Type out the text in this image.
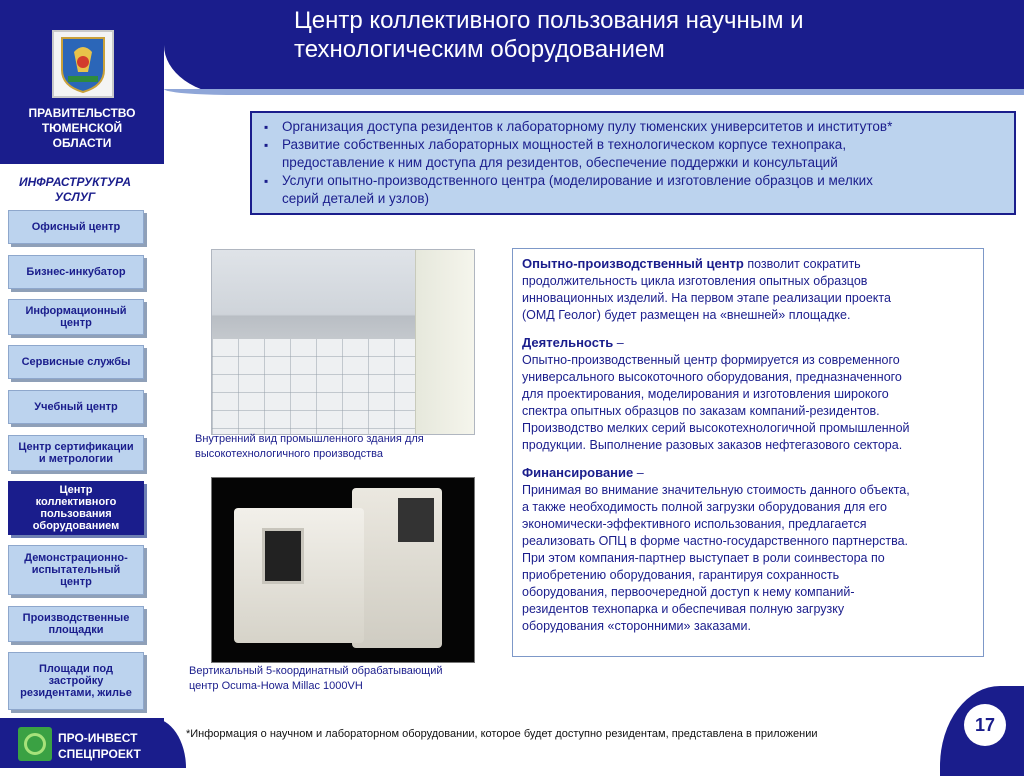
Центр коллективного пользования научным и
технологическим оборудованием
ПРАВИТЕЛЬСТВО
ТЮМЕНСКОЙ
ОБЛАСТИ
ИНФРАСТРУКТУРА
УСЛУГ
Офисный центр
Бизнес-инкубатор
Информационный
центр
Сервисные службы
Учебный центр
Центр сертификации
и метрологии
Центр
коллективного
пользования
оборудованием
Демонстрационно-
испытательный
центр
Производственные
площадки
Площади под
застройку
резидентами, жилье
ПРО-ИНВЕСТ
СПЕЦПРОЕКТ
▪ Организация доступа резидентов к лабораторному пулу тюменских университетов и институтов*
▪ Развитие собственных лабораторных мощностей в технологическом корпусе технопрака,
предоставление к ним доступа для резидентов, обеспечение поддержки и консультаций
▪ Услуги опытно-производственного центра (моделирование и изготовление образцов и мелких
серий деталей и узлов)
Внутренний вид промышленного здания для
высокотехнологичного производства
Вертикальный 5-координатный обрабатывающий
центр Ocuma-Howa Millac 1000VH

Опытно-производственный центр позволит сократить

продолжительность цикла изготовления опытных образцов

инновационных изделий. На первом этапе реализации проекта

(ОМД Геолог) будет размещен на «внешней» площадке.

Деятельность –

Опытно-производственный центр формируется из современного

универсального высокоточного оборудования, предназначенного

для проектирования, моделирования и изготовления широкого

спектра опытных образцов по заказам компаний-резидентов.

Производство мелких серий высокотехнологичной промышленной

продукции. Выполнение разовых заказов нефтегазового сектора.

Финансирование –

Принимая во внимание значительную стоимость данного объекта,

а также необходимость полной загрузки оборудования для его

экономически-эффективного использования, предлагается

реализовать ОПЦ в форме частно-государственного партнерства.

При этом компания-партнер выступает в роли соинвестора по

приобретению оборудования, гарантируя сохранность

оборудования, первоочередной доступ к нему компаний-

резидентов технопарка и обеспечивая полную загрузку

оборудования «сторонними» заказами.

*Информация о научном и лабораторном оборудовании, которое будет доступно резидентам, представлена в приложении	17
